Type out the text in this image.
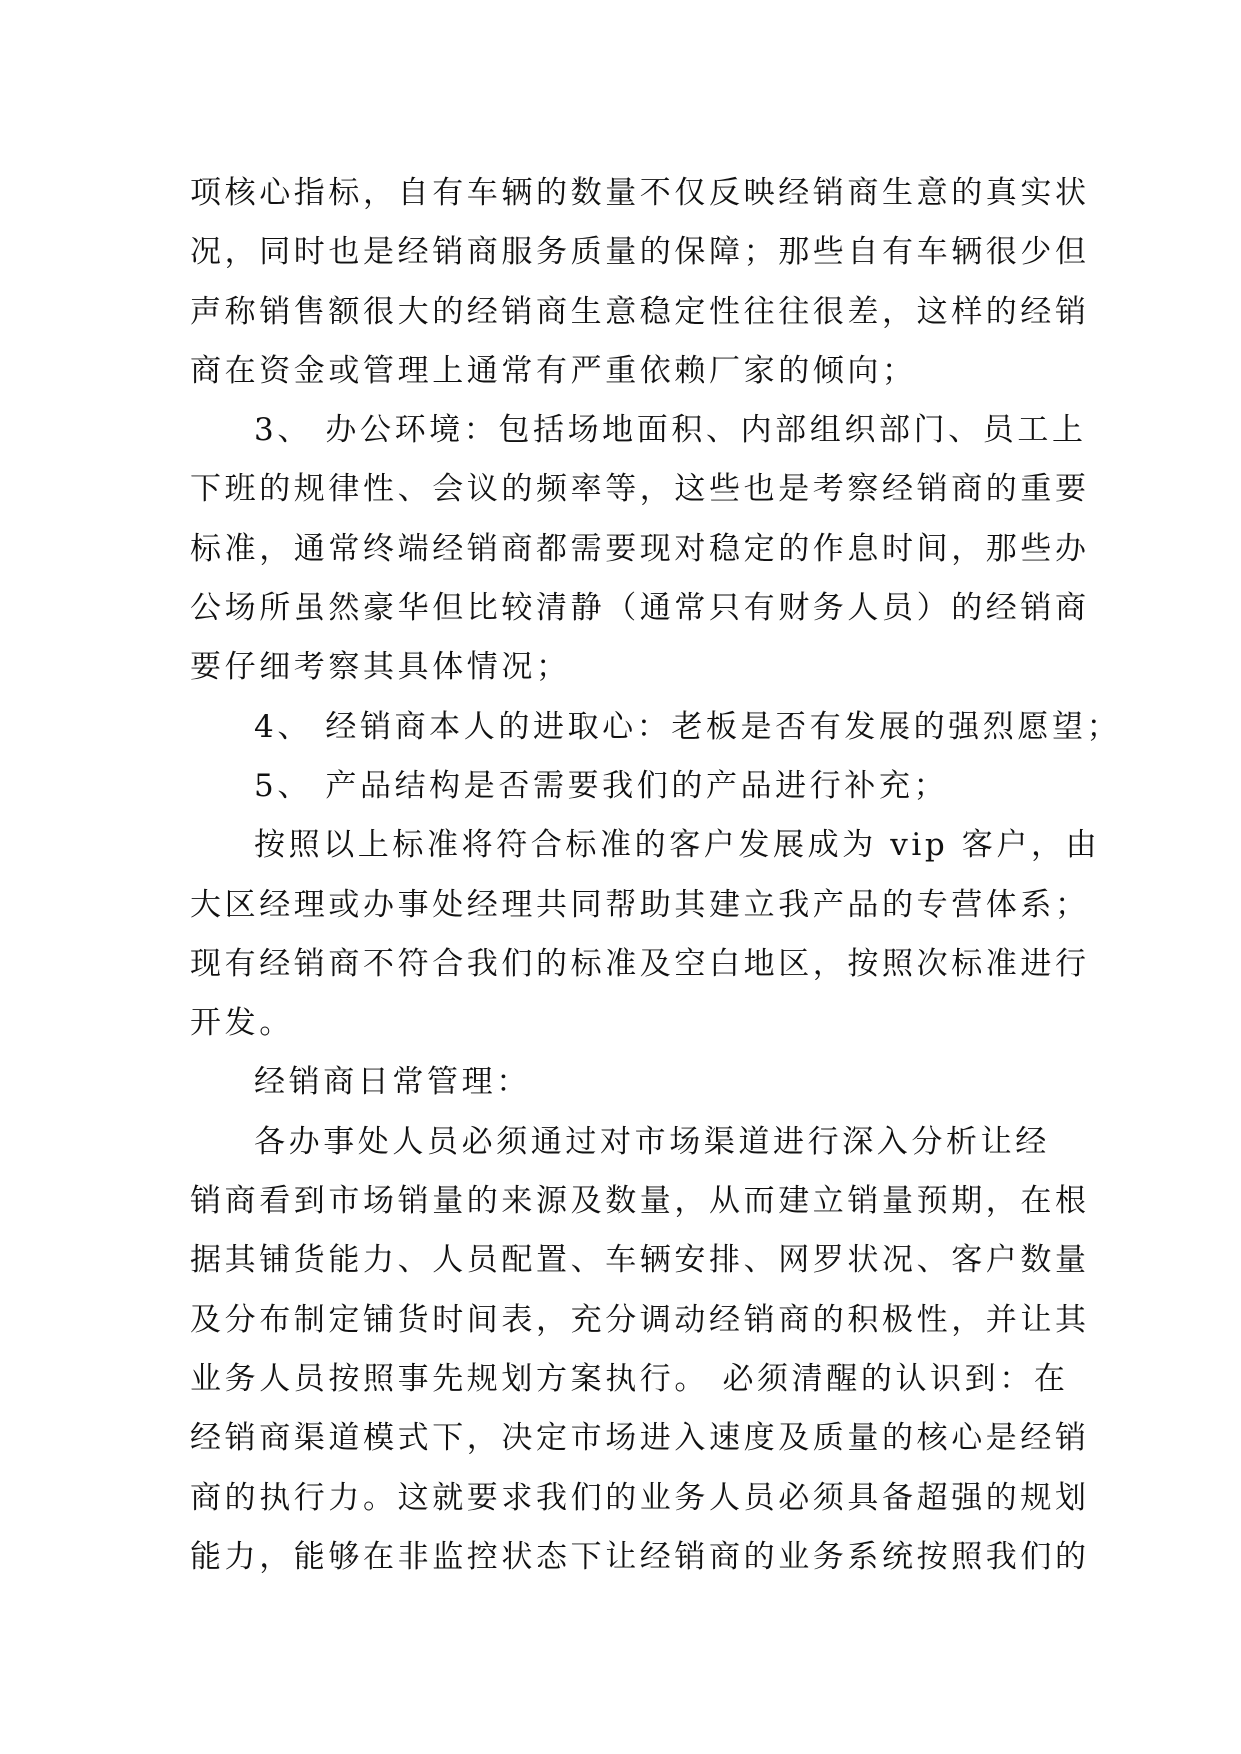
项核心指标，自有车辆的数量不仅反映经销商生意的真实状
况，同时也是经销商服务质量的保障；那些自有车辆很少但
声称销售额很大的经销商生意稳定性往往很差，这样的经销
商在资金或管理上通常有严重依赖厂家的倾向；
3、 办公环境：包括场地面积、内部组织部门、员工上
下班的规律性、会议的频率等，这些也是考察经销商的重要
标准，通常终端经销商都需要现对稳定的作息时间，那些办
公场所虽然豪华但比较清静（通常只有财务人员）的经销商
要仔细考察其具体情况；
4、 经销商本人的进取心：老板是否有发展的强烈愿望；
5、 产品结构是否需要我们的产品进行补充；
按照以上标准将符合标准的客户发展成为 vip 客户，由
大区经理或办事处经理共同帮助其建立我产品的专营体系；
现有经销商不符合我们的标准及空白地区，按照次标准进行
开发。
经销商日常管理：
各办事处人员必须通过对市场渠道进行深入分析让经
销商看到市场销量的来源及数量，从而建立销量预期，在根
据其铺货能力、人员配置、车辆安排、网罗状况、客户数量
及分布制定铺货时间表，充分调动经销商的积极性，并让其
业务人员按照事先规划方案执行。 必须清醒的认识到：在
经销商渠道模式下，决定市场进入速度及质量的核心是经销
商的执行力。这就要求我们的业务人员必须具备超强的规划
能力，能够在非监控状态下让经销商的业务系统按照我们的
